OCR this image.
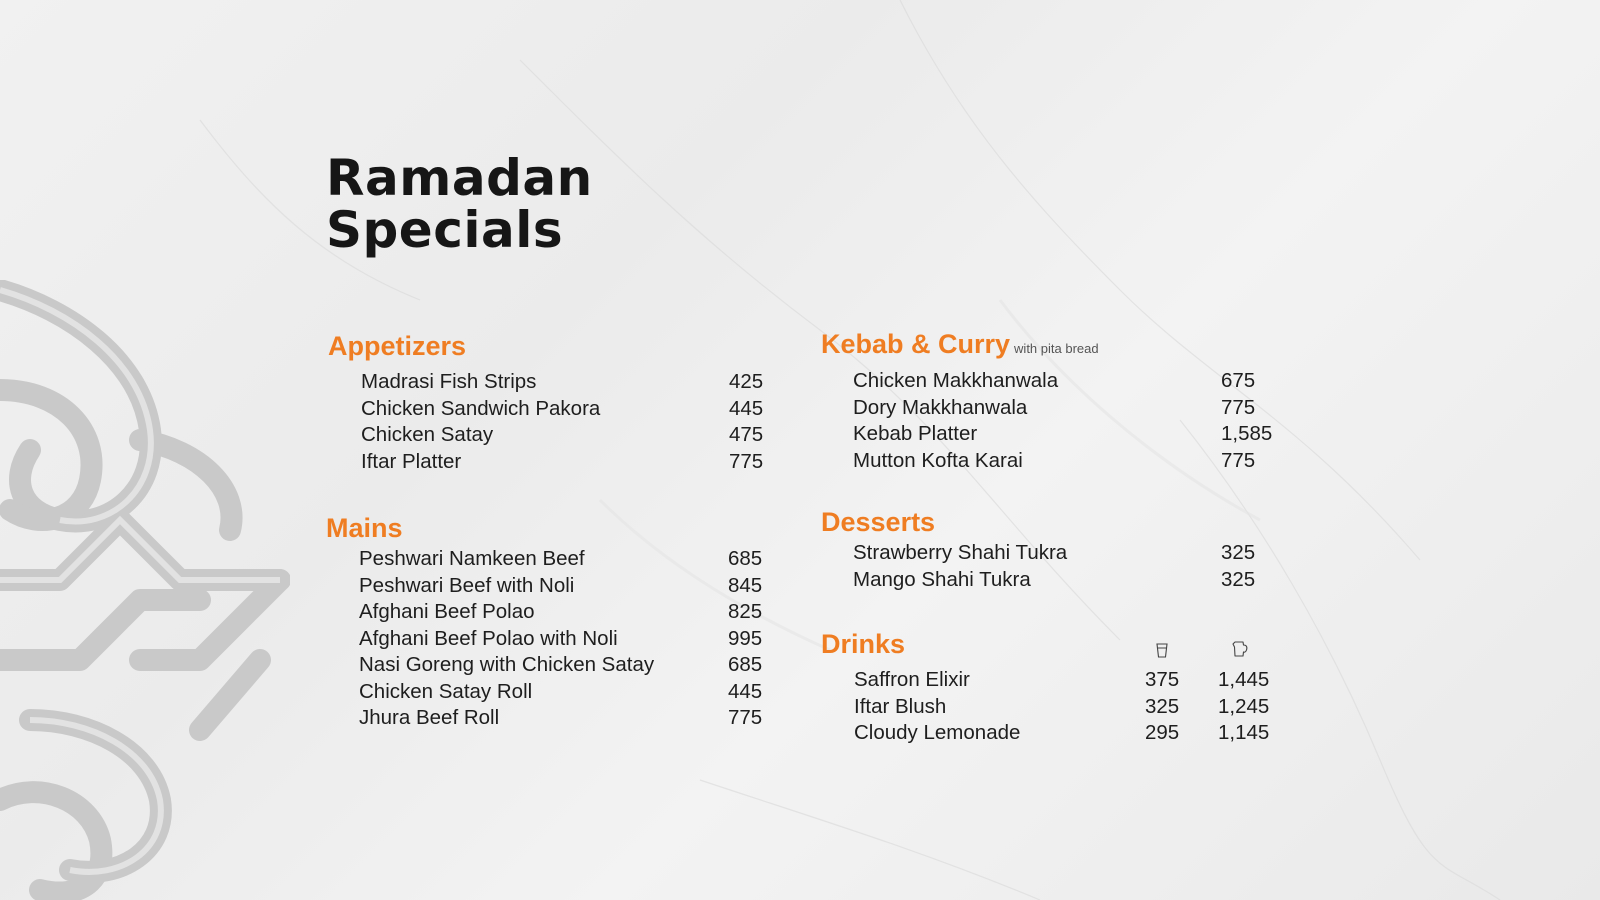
Ramadan
Specials
Appetizers
Madrasi Fish Strips	425
Chicken Sandwich Pakora	445
Chicken Satay	475
Iftar Platter	775
Mains
Peshwari Namkeen Beef	685
Peshwari Beef with Noli	845
Afghani Beef Polao	825
Afghani Beef Polao with Noli	995
Nasi Goreng with Chicken Satay	685
Chicken Satay Roll	445
Jhura Beef Roll	775
Kebab & Curry with pita bread
Chicken Makkhanwala	675
Dory Makkhanwala	775
Kebab Platter	1,585
Mutton Kofta Karai	775
Desserts
Strawberry Shahi Tukra	325
Mango Shahi Tukra	325
Drinks
Saffron Elixir	375 1,445
Iftar Blush	325 1,245
Cloudy Lemonade	295 1,145
